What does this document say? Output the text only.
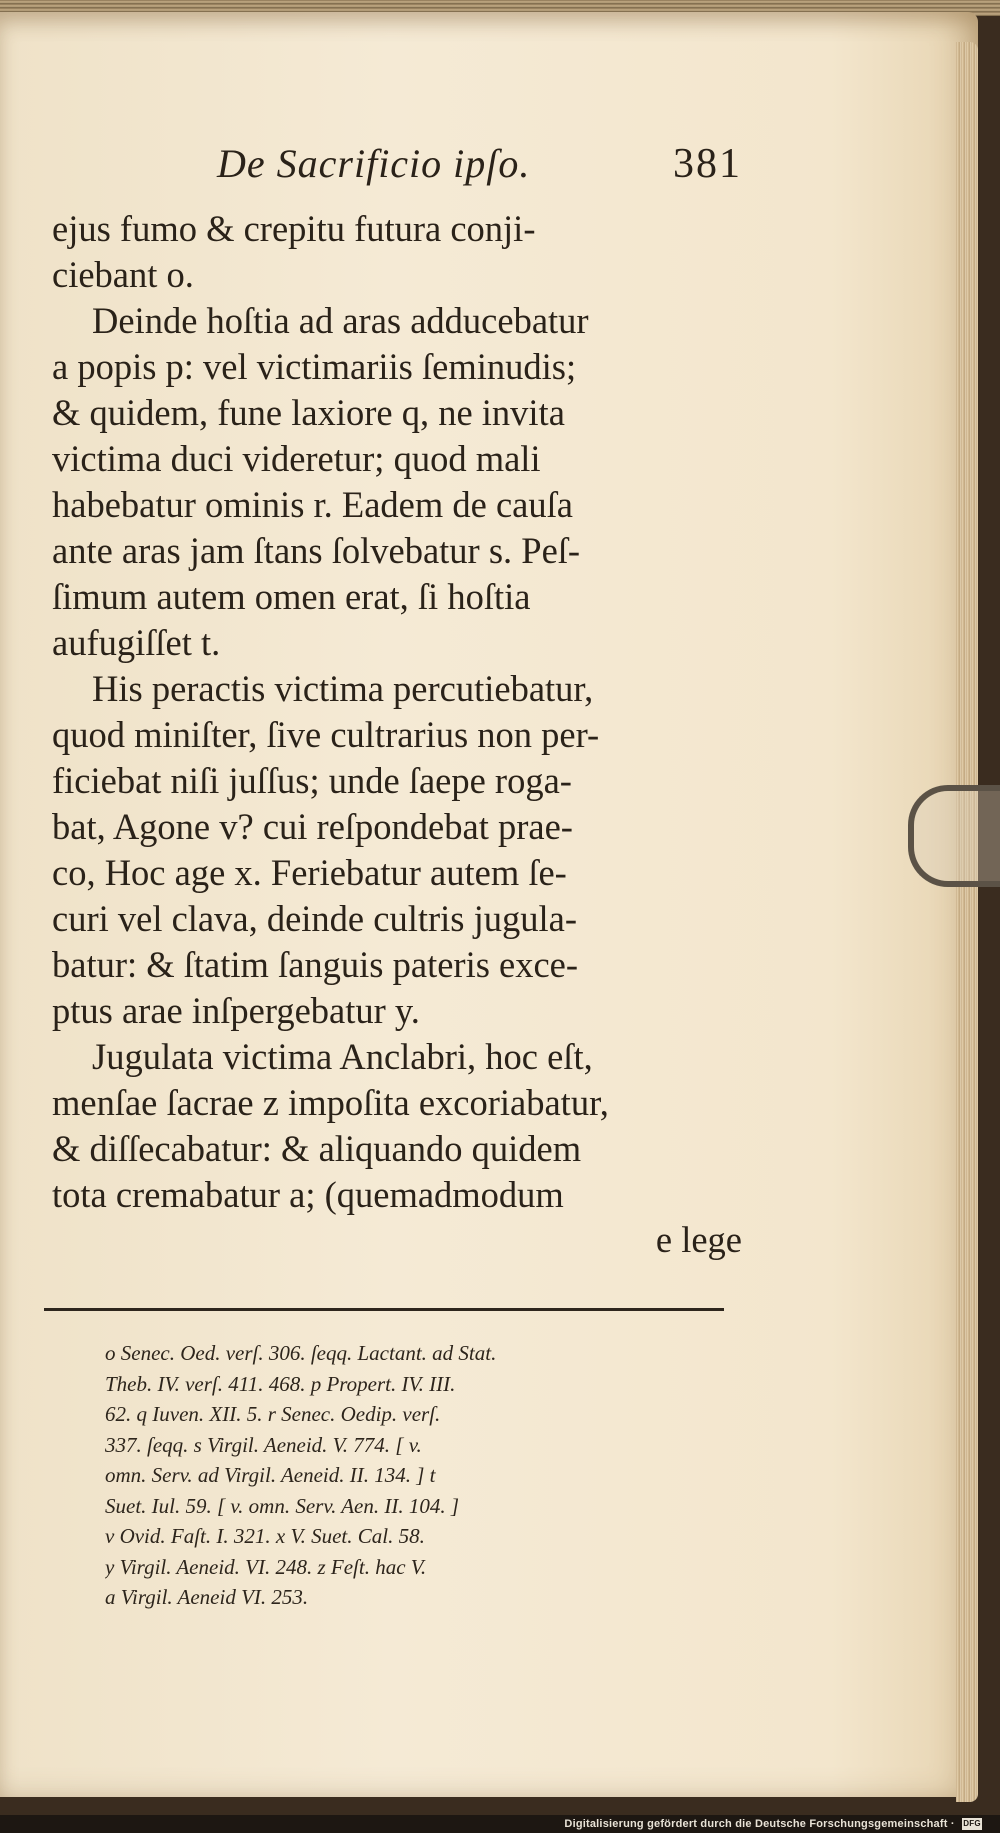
De Sacrificio ipſo.	381

ejus fumo & crepitu futura conji-

ciebant o.

Deinde hoſtia ad aras adducebatur

a popis p: vel victimariis ſeminudis;

& quidem, fune laxiore q, ne invita

victima duci videretur; quod mali

habebatur ominis r. Eadem de cauſa

ante aras jam ſtans ſolvebatur s. Peſ-

ſimum autem omen erat, ſi hoſtia

aufugiſſet t.

His peractis victima percutiebatur,

quod miniſter, ſive cultrarius non per-

ficiebat niſi juſſus; unde ſaepe roga-

bat, Agone v? cui reſpondebat prae-

co, Hoc age x. Feriebatur autem ſe-

curi vel clava, deinde cultris jugula-

batur: & ſtatim ſanguis pateris exce-

ptus arae inſpergebatur y.

Jugulata victima Anclabri, hoc eſt,

menſae ſacrae z impoſita excoriabatur,

& diſſecabatur: & aliquando quidem

tota cremabatur a; (quemadmodum

e lege

o Senec. Oed. verſ. 306. ſeqq. Lactant. ad Stat.

Theb. IV. verſ. 411. 468. p Propert. IV. III.

62. q Iuven. XII. 5. r Senec. Oedip. verſ.

337. ſeqq. s Virgil. Aeneid. V. 774. [ v.

omn. Serv. ad Virgil. Aeneid. II. 134. ] t

Suet. Iul. 59. [ v. omn. Serv. Aen. II. 104. ]

v Ovid. Faſt. I. 321. x V. Suet. Cal. 58.

y Virgil. Aeneid. VI. 248. z Feſt. hac V.

a Virgil. Aeneid VI. 253.

Digitalisierung gefördert durch die Deutsche Forschungsgemeinschaft · DFG
